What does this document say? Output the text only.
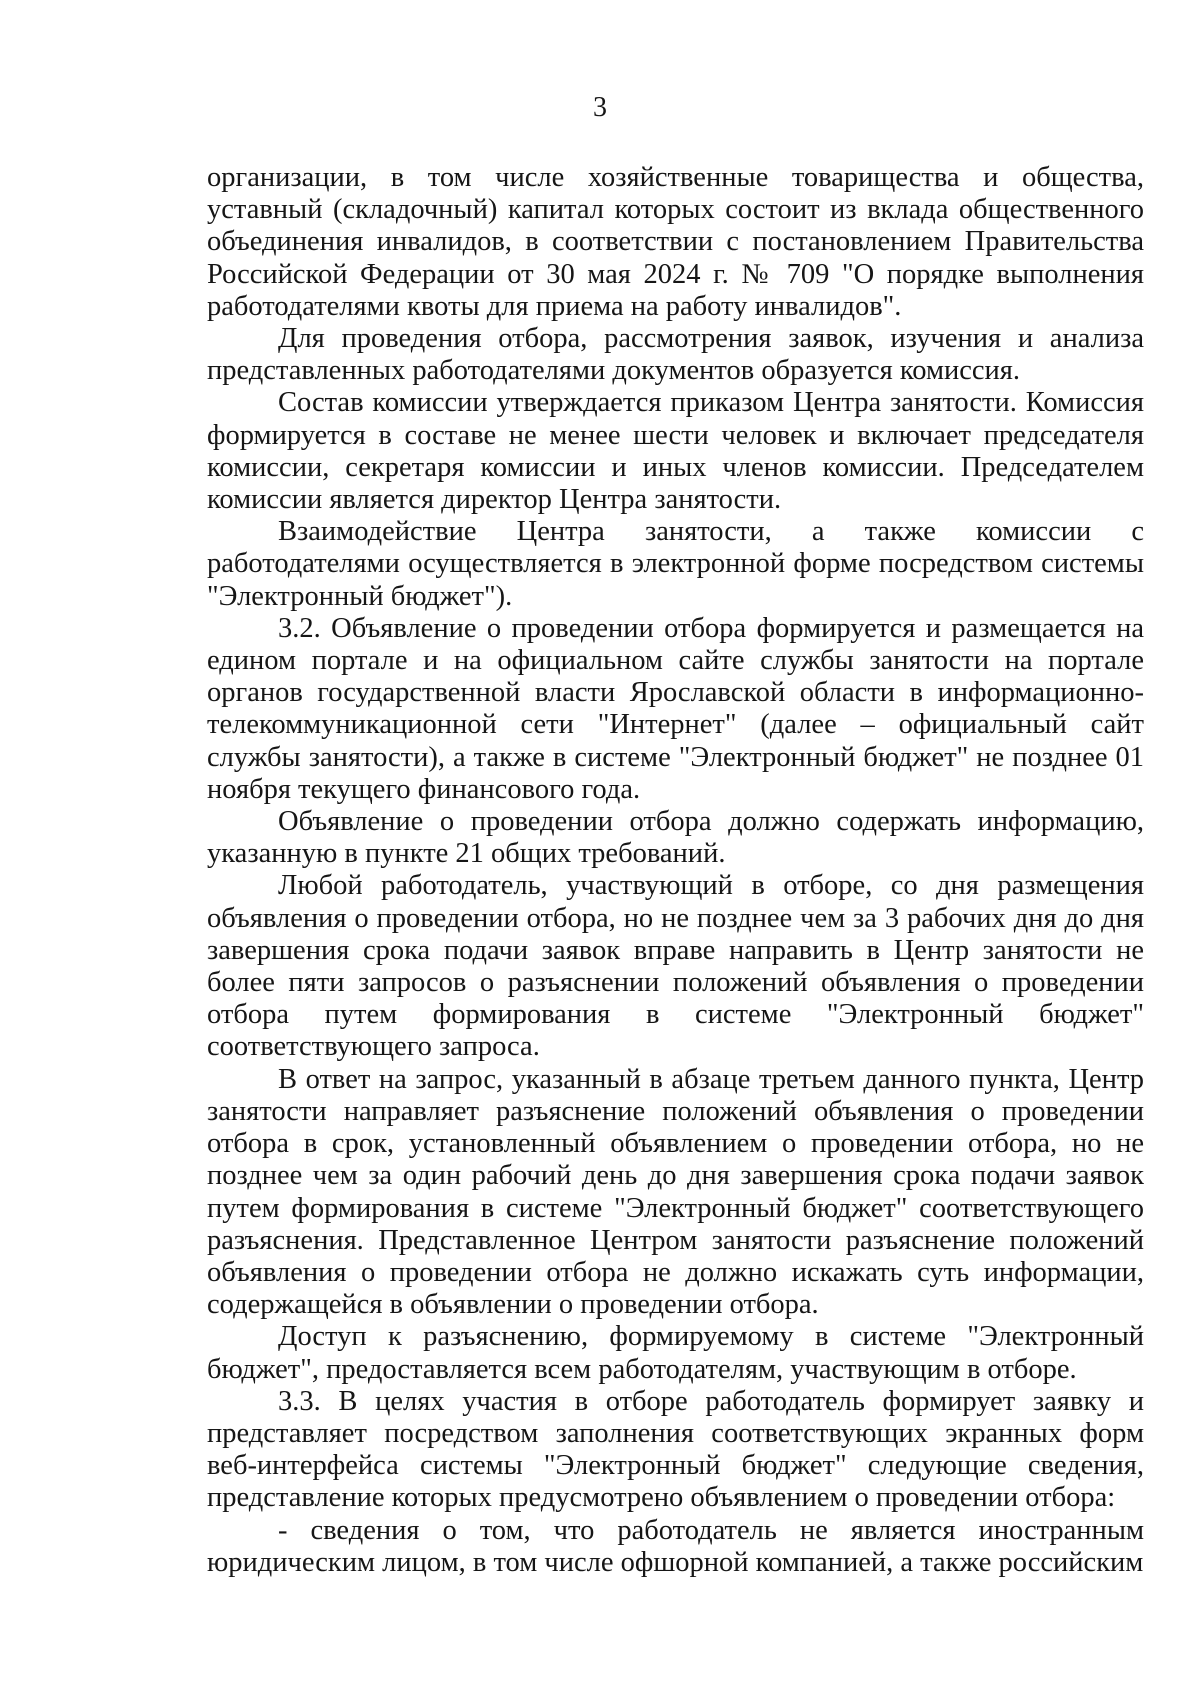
3

организации, в том числе хозяйственные товарищества и общества, уставный (складочный) капитал которых состоит из вклада общественного объединения инвалидов, в соответствии с постановлением Правительства Российской Федерации от 30 мая 2024 г. № 709 "О порядке выполнения работодателями квоты для приема на работу инвалидов".

Для проведения отбора, рассмотрения заявок, изучения и анализа представленных работодателями документов образуется комиссия.

Состав комиссии утверждается приказом Центра занятости. Комиссия формируется в составе не менее шести человек и включает председателя комиссии, секретаря комиссии и иных членов комиссии. Председателем комиссии является директор Центра занятости.

Взаимодействие Центра занятости, а также комиссии с работодателями осуществляется в электронной форме посредством системы "Электронный бюджет").

3.2. Объявление о проведении отбора формируется и размещается на едином портале и на официальном сайте службы занятости на портале органов государственной власти Ярославской области в информационно-телекоммуникационной сети "Интернет" (далее – официальный сайт службы занятости), а также в системе "Электронный бюджет" не позднее 01 ноября текущего финансового года.

Объявление о проведении отбора должно содержать информацию, указанную в пункте 21 общих требований.

Любой работодатель, участвующий в отборе, со дня размещения объявления о проведении отбора, но не позднее чем за 3 рабочих дня до дня завершения срока подачи заявок вправе направить в Центр занятости не более пяти запросов о разъяснении положений объявления о проведении отбора путем формирования в системе "Электронный бюджет" соответствующего запроса.

В ответ на запрос, указанный в абзаце третьем данного пункта, Центр занятости направляет разъяснение положений объявления о проведении отбора в срок, установленный объявлением о проведении отбора, но не позднее чем за один рабочий день до дня завершения срока подачи заявок путем формирования в системе "Электронный бюджет" соответствующего разъяснения. Представленное Центром занятости разъяснение положений объявления о проведении отбора не должно искажать суть информации, содержащейся в объявлении о проведении отбора.

Доступ к разъяснению, формируемому в системе "Электронный бюджет", предоставляется всем работодателям, участвующим в отборе.

3.3. В целях участия в отборе работодатель формирует заявку и представляет посредством заполнения соответствующих экранных форм веб-интерфейса системы "Электронный бюджет" следующие сведения, представление которых предусмотрено объявлением о проведении отбора:

- сведения о том, что работодатель не является иностранным юридическим лицом, в том числе офшорной компанией, а также российским
